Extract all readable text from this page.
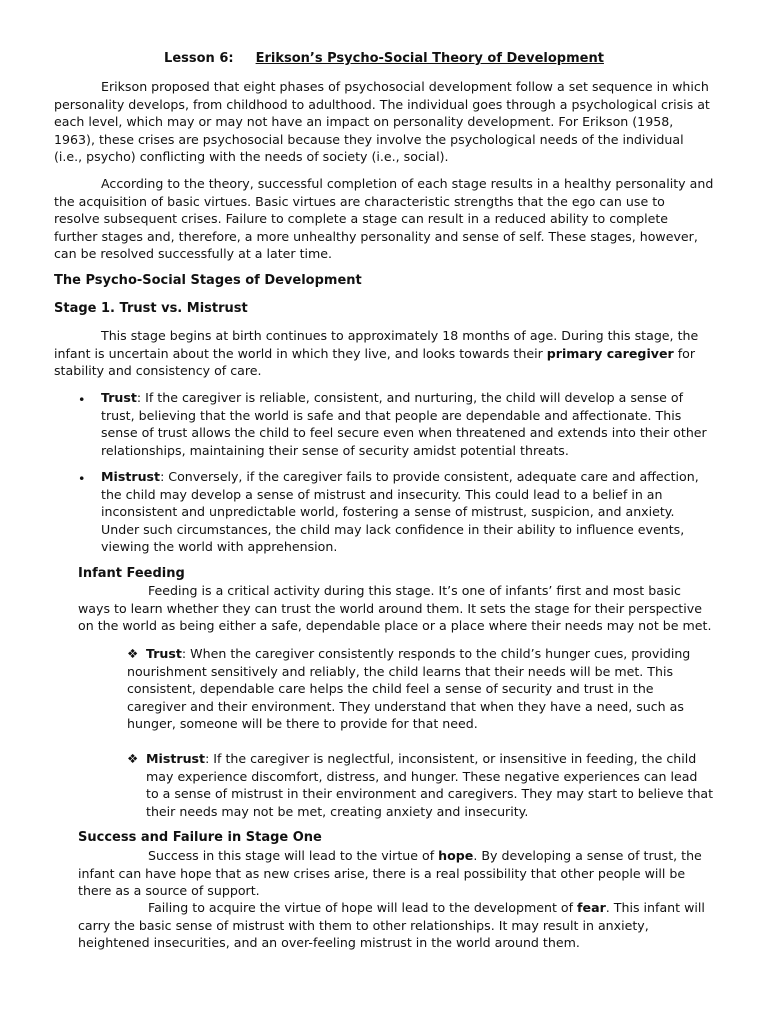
Lesson 6: Erikson’s Psycho-Social Theory of Development

Erikson proposed that eight phases of psychosocial development follow a set sequence in which personality develops, from childhood to adulthood. The individual goes through a psychological crisis at each level, which may or may not have an impact on personality development. For Erikson (1958, 1963), these crises are psychosocial because they involve the psychological needs of the individual (i.e., psycho) conflicting with the needs of society (i.e., social).

According to the theory, successful completion of each stage results in a healthy personality and the acquisition of basic virtues. Basic virtues are characteristic strengths that the ego can use to resolve subsequent crises. Failure to complete a stage can result in a reduced ability to complete further stages and, therefore, a more unhealthy personality and sense of self. These stages, however, can be resolved successfully at a later time.

The Psycho-Social Stages of Development
Stage 1. Trust vs. Mistrust

This stage begins at birth continues to approximately 18 months of age. During this stage, the infant is uncertain about the world in which they live, and looks towards their primary caregiver for stability and consistency of care.

•	Trust: If the caregiver is reliable, consistent, and nurturing, the child will develop a sense of trust, believing that the world is safe and that people are dependable and affectionate. This sense of trust allows the child to feel secure even when threatened and extends into their other relationships, maintaining their sense of security amidst potential threats.

•	Mistrust: Conversely, if the caregiver fails to provide consistent, adequate care and affection, the child may develop a sense of mistrust and insecurity. This could lead to a belief in an inconsistent and unpredictable world, fostering a sense of mistrust, suspicion, and anxiety. Under such circumstances, the child may lack confidence in their ability to influence events, viewing the world with apprehension.

Infant Feeding

Feeding is a critical activity during this stage. It’s one of infants’ first and most basic ways to learn whether they can trust the world around them. It sets the stage for their perspective on the world as being either a safe, dependable place or a place where their needs may not be met.

❖ Trust: When the caregiver consistently responds to the child’s hunger cues, providing nourishment sensitively and reliably, the child learns that their needs will be met. This consistent, dependable care helps the child feel a sense of security and trust in the caregiver and their environment. They understand that when they have a need, such as hunger, someone will be there to provide for that need.

❖ Mistrust: If the caregiver is neglectful, inconsistent, or insensitive in feeding, the child may experience discomfort, distress, and hunger. These negative experiences can lead to a sense of mistrust in their environment and caregivers. They may start to believe that their needs may not be met, creating anxiety and insecurity.

Success and Failure in Stage One

Success in this stage will lead to the virtue of hope. By developing a sense of trust, the infant can have hope that as new crises arise, there is a real possibility that other people will be there as a source of support.

Failing to acquire the virtue of hope will lead to the development of fear. This infant will carry the basic sense of mistrust with them to other relationships. It may result in anxiety, heightened insecurities, and an over-feeling mistrust in the world around them.
